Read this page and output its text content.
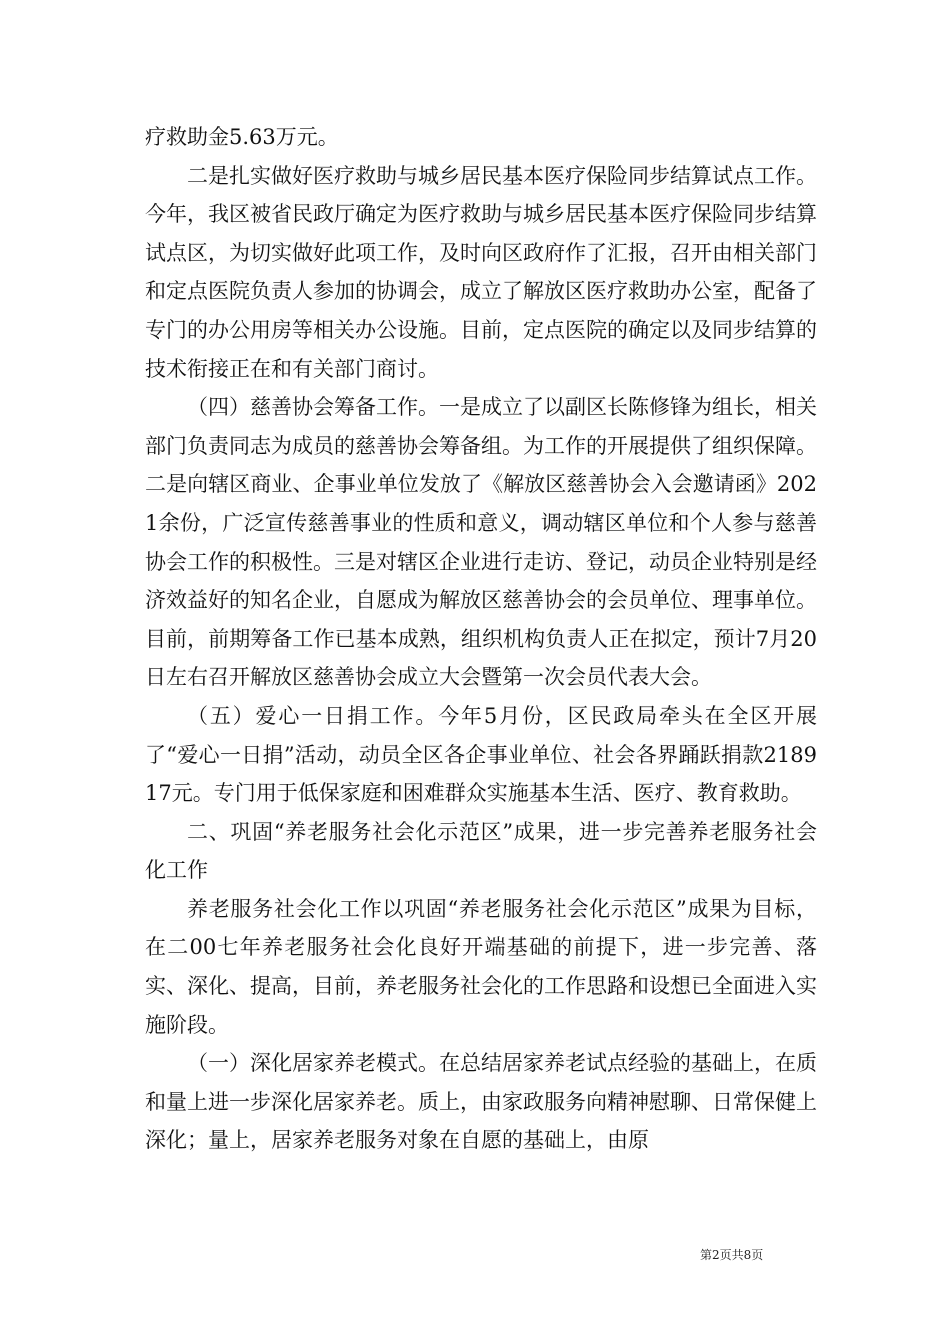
疗救助金5.63万元。

二是扎实做好医疗救助与城乡居民基本医疗保险同步结算试点工作。今年，我区被省民政厅确定为医疗救助与城乡居民基本医疗保险同步结算试点区，为切实做好此项工作，及时向区政府作了汇报，召开由相关部门和定点医院负责人参加的协调会，成立了解放区医疗救助办公室，配备了专门的办公用房等相关办公设施。目前，定点医院的确定以及同步结算的技术衔接正在和有关部门商讨。

（四）慈善协会筹备工作。一是成立了以副区长陈修锋为组长，相关部门负责同志为成员的慈善协会筹备组。为工作的开展提供了组织保障。二是向辖区商业、企事业单位发放了《解放区慈善协会入会邀请函》2021余份，广泛宣传慈善事业的性质和意义，调动辖区单位和个人参与慈善协会工作的积极性。三是对辖区企业进行走访、登记，动员企业特别是经济效益好的知名企业，自愿成为解放区慈善协会的会员单位、理事单位。目前，前期筹备工作已基本成熟，组织机构负责人正在拟定，预计7月20日左右召开解放区慈善协会成立大会暨第一次会员代表大会。

（五）爱心一日捐工作。今年5月份，区民政局牵头在全区开展了“爱心一日捐”活动，动员全区各企事业单位、社会各界踊跃捐款218917元。专门用于低保家庭和困难群众实施基本生活、医疗、教育救助。

二、巩固“养老服务社会化示范区”成果，进一步完善养老服务社会化工作

养老服务社会化工作以巩固“养老服务社会化示范区”成果为目标，在二00七年养老服务社会化良好开端基础的前提下，进一步完善、落实、深化、提高，目前，养老服务社会化的工作思路和设想已全面进入实施阶段。

（一）深化居家养老模式。在总结居家养老试点经验的基础上，在质和量上进一步深化居家养老。质上，由家政服务向精神慰聊、日常保健上深化；量上，居家养老服务对象在自愿的基础上，由原

第2页共8页
